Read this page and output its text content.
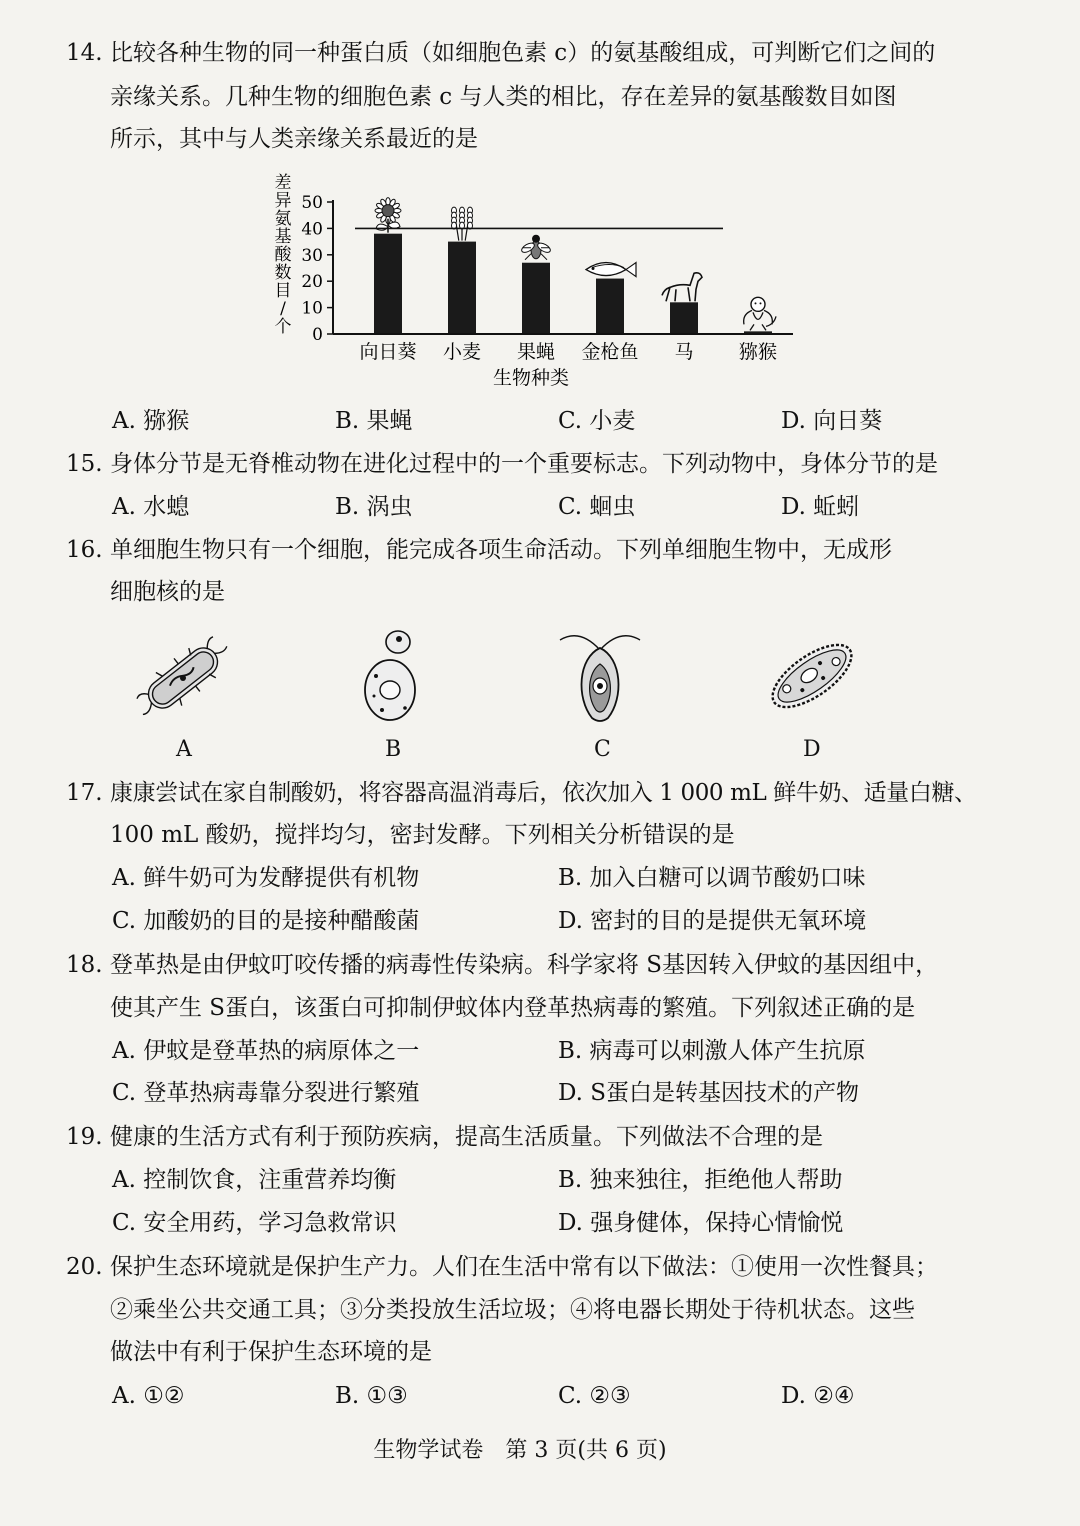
14. 比较各种生物的同一种蛋白质（如细胞色素 c）的氨基酸组成，可判断它们之间的
亲缘关系。几种生物的细胞色素 c 与人类的相比，存在差异的氨基酸数目如图
所示，其中与人类亲缘关系最近的是
差
异
氨
基
酸
数
目
/
个 0
10
20
30
40
50
向日葵 小麦 果蝇 金枪鱼 马 猕猴
生物种类
A. 猕猴	B. 果蝇	C. 小麦	D. 向日葵
15. 身体分节是无脊椎动物在进化过程中的一个重要标志。下列动物中，身体分节的是
A. 水螅	B. 涡虫	C. 蛔虫	D. 蚯蚓
16. 单细胞生物只有一个细胞，能完成各项生命活动。下列单细胞生物中，无成形
细胞核的是
A	B	C	D
17. 康康尝试在家自制酸奶，将容器高温消毒后，依次加入 1 000 mL 鲜牛奶、适量白糖、
100 mL 酸奶，搅拌均匀，密封发酵。下列相关分析错误的是
A. 鲜牛奶可为发酵提供有机物	B. 加入白糖可以调节酸奶口味
C. 加酸奶的目的是接种醋酸菌	D. 密封的目的是提供无氧环境
18. 登革热是由伊蚊叮咬传播的病毒性传染病。科学家将 S基因转入伊蚊的基因组中，
使其产生 S蛋白，该蛋白可抑制伊蚊体内登革热病毒的繁殖。下列叙述正确的是
A. 伊蚊是登革热的病原体之一	B. 病毒可以刺激人体产生抗原
C. 登革热病毒靠分裂进行繁殖	D. S蛋白是转基因技术的产物
19. 健康的生活方式有利于预防疾病，提高生活质量。下列做法不合理的是
A. 控制饮食，注重营养均衡	B. 独来独往，拒绝他人帮助
C. 安全用药，学习急救常识	D. 强身健体，保持心情愉悦
20. 保护生态环境就是保护生产力。人们在生活中常有以下做法：①使用一次性餐具；
②乘坐公共交通工具；③分类投放生活垃圾；④将电器长期处于待机状态。这些
做法中有利于保护生态环境的是
A. ①②	B. ①③	C. ②③	D. ②④
生物学试卷　第 3 页(共 6 页)
